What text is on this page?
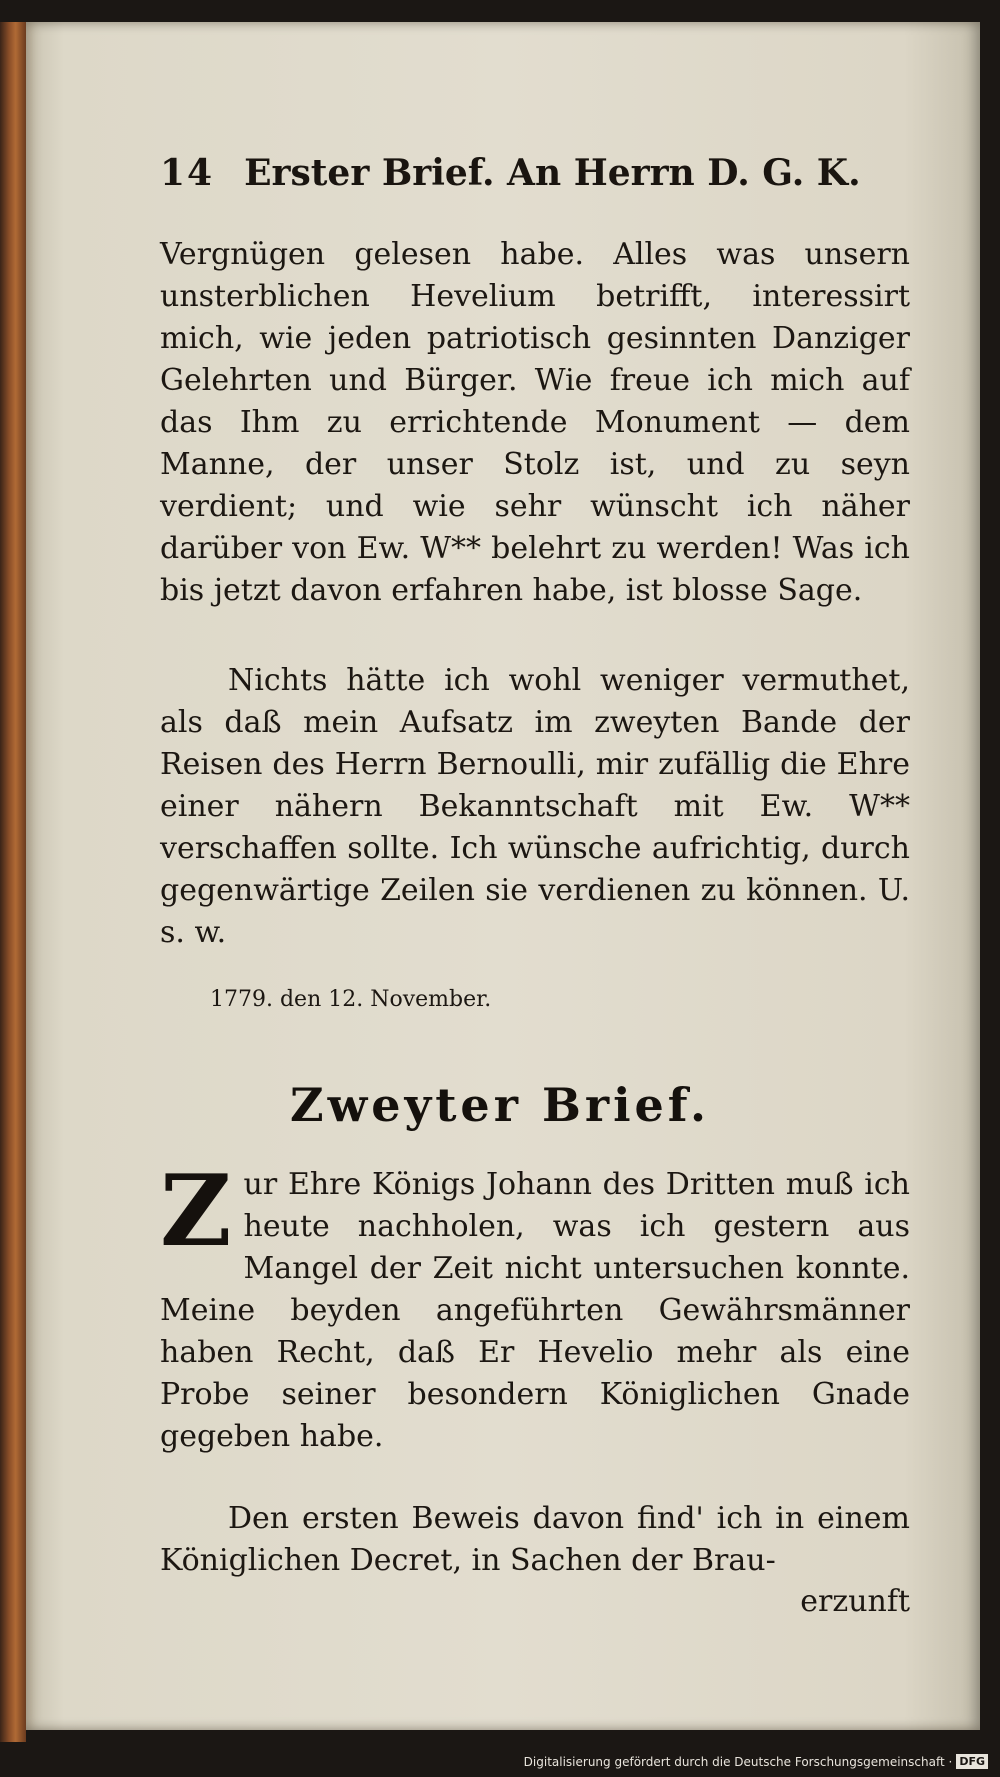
14 Erster Brief. An Herrn D. G. K.
Vergnügen gelesen habe. Alles was unsern unsterblichen Hevelium betrifft, interessirt mich, wie jeden patriotisch gesinnten Danziger Gelehrten und Bürger. Wie freue ich mich auf das Ihm zu errichtende Monument — dem Manne, der unser Stolz ist, und zu seyn verdient; und wie sehr wünscht ich näher darüber von Ew. W** belehrt zu werden! Was ich bis jetzt davon erfahren habe, ist blosse Sage.
Nichts hätte ich wohl weniger vermuthet, als daß mein Aufsatz im zweyten Bande der Reisen des Herrn Bernoulli, mir zufällig die Ehre einer nähern Bekanntschaft mit Ew. W** verschaffen sollte. Ich wünsche aufrichtig, durch gegenwärtige Zeilen sie verdienen zu können. U. s. w.
1779. den 12. November.
Zweyter Brief.
Z ur Ehre Königs Johann des Dritten muß ich heute nachholen, was ich gestern aus Mangel der Zeit nicht untersuchen konnte. Meine beyden angeführten Gewährsmänner haben Recht, daß Er Hevelio mehr als eine Probe seiner besondern Königlichen Gnade gegeben habe.
Den ersten Beweis davon find' ich in einem Königlichen Decret, in Sachen der Brau-
erzunft
Digitalisierung gefördert durch die Deutsche Forschungsgemeinschaft · DFG
